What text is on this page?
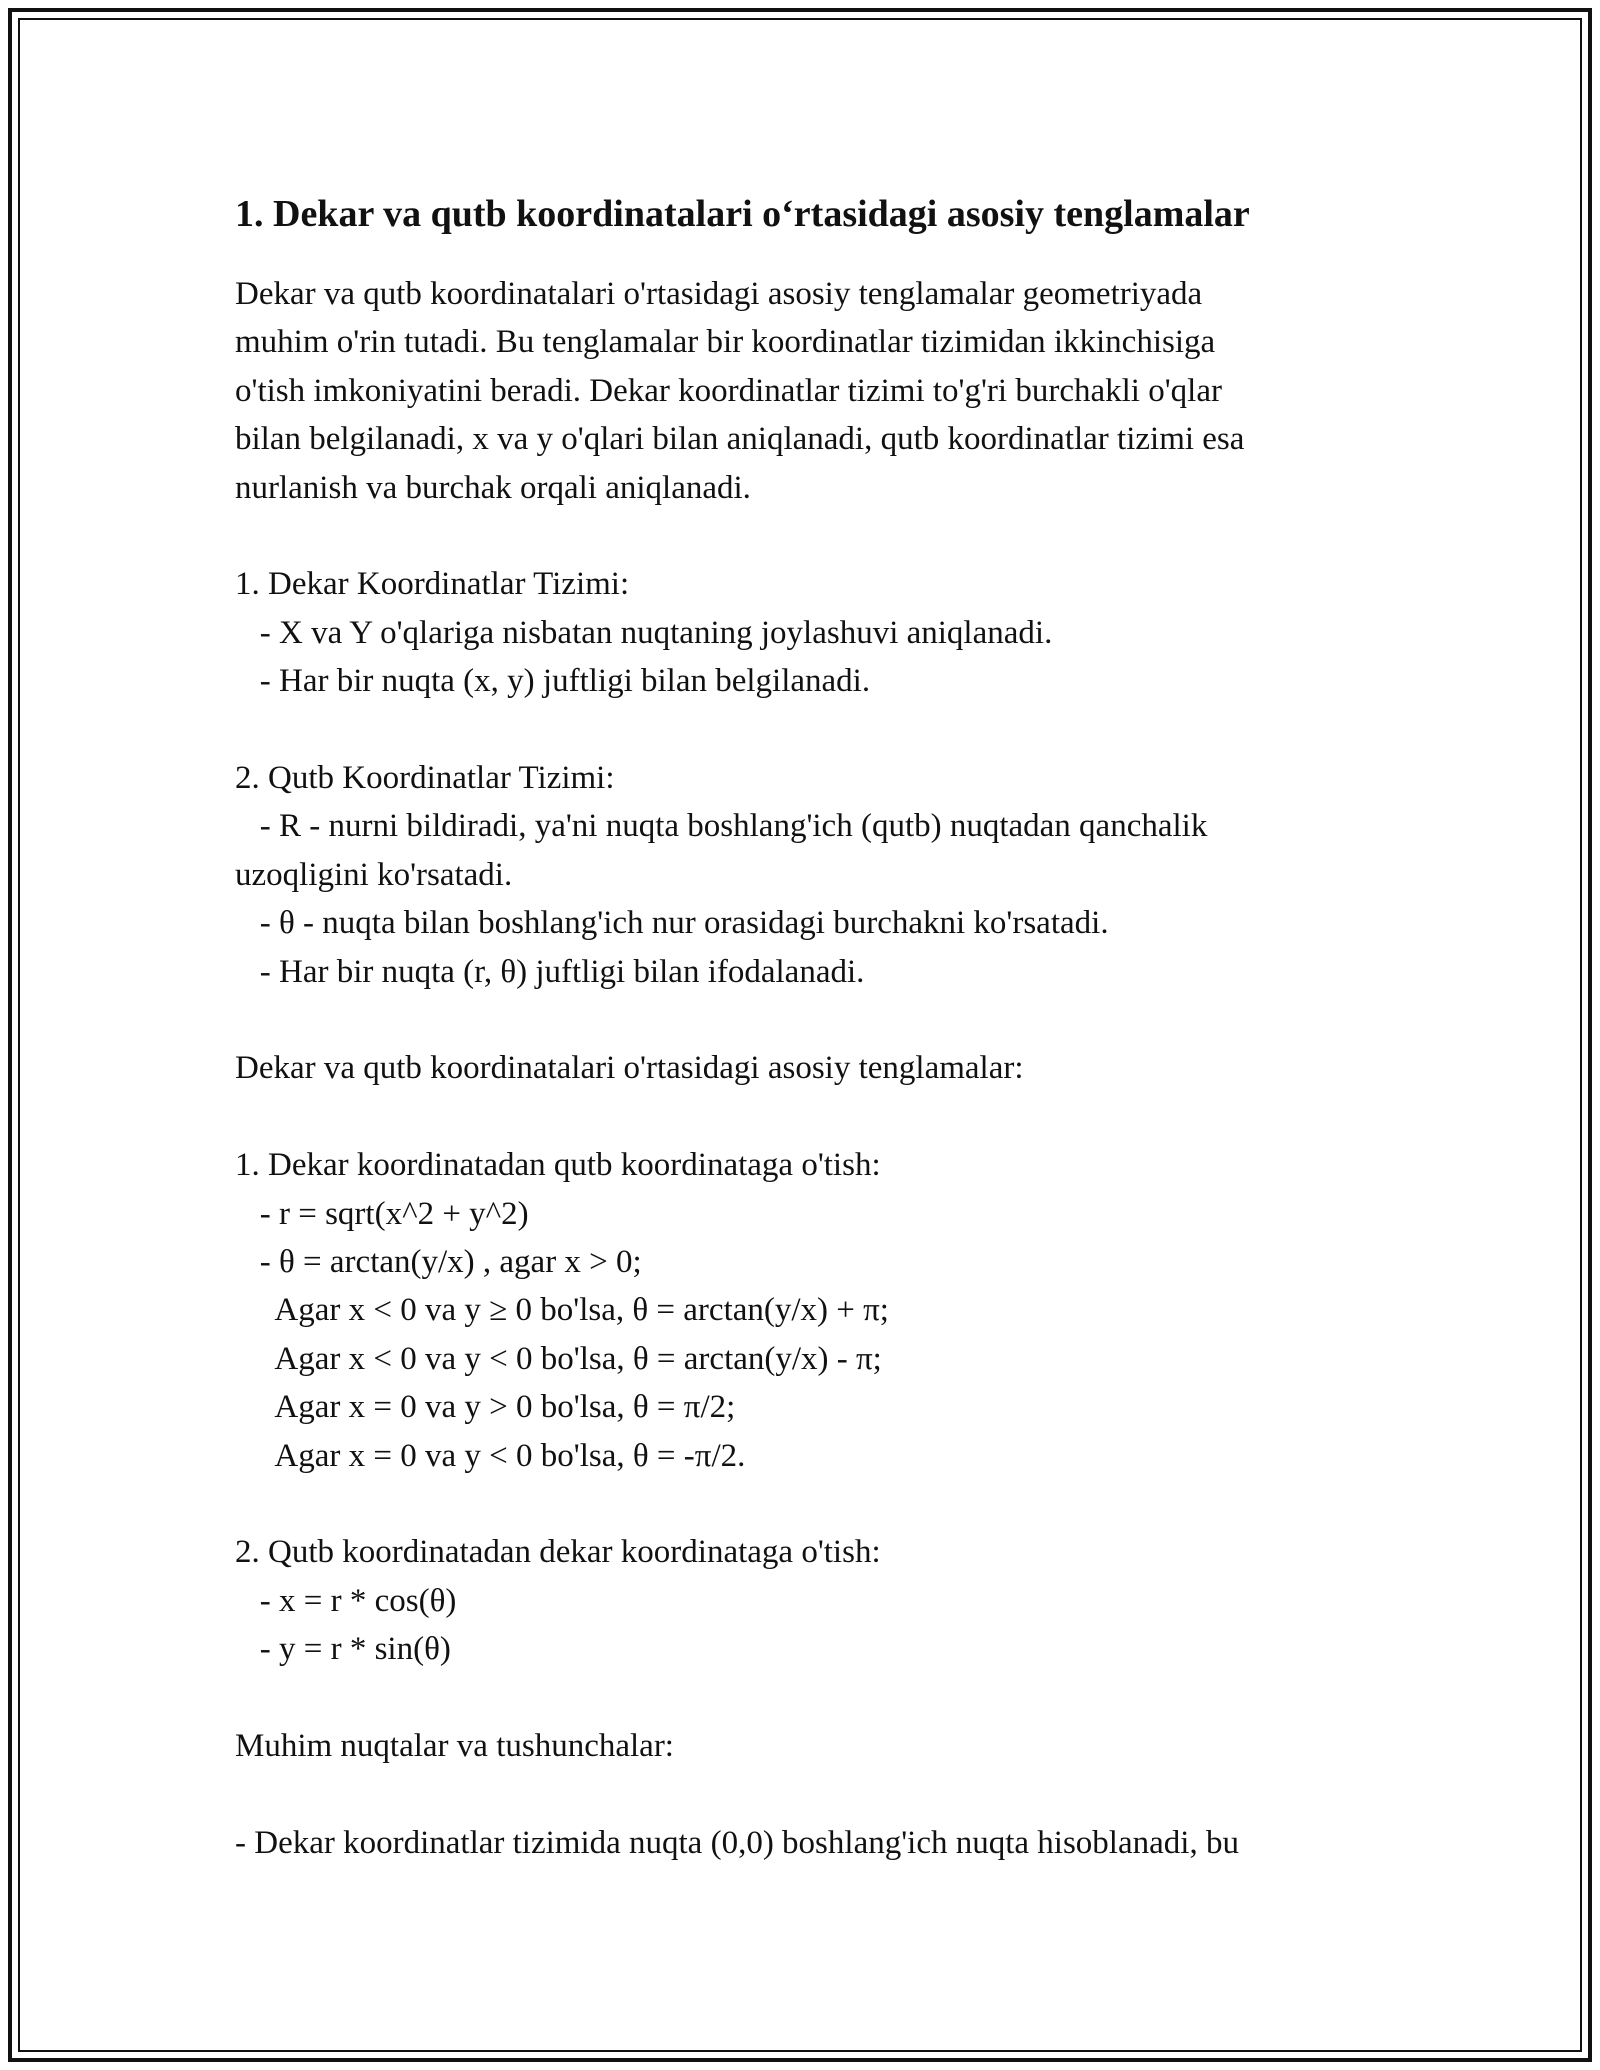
1. Dekar va qutb koordinatalari o‘rtasidagi asosiy tenglamalar
Dekar va qutb koordinatalari o'rtasidagi asosiy tenglamalar geometriyada
muhim o'rin tutadi. Bu tenglamalar bir koordinatlar tizimidan ikkinchisiga
o'tish imkoniyatini beradi. Dekar koordinatlar tizimi to'g'ri burchakli o'qlar
bilan belgilanadi, x va y o'qlari bilan aniqlanadi, qutb koordinatlar tizimi esa
nurlanish va burchak orqali aniqlanadi.
1. Dekar Koordinatlar Tizimi:
- X va Y o'qlariga nisbatan nuqtaning joylashuvi aniqlanadi.
- Har bir nuqta (x, y) juftligi bilan belgilanadi.
2. Qutb Koordinatlar Tizimi:
- R - nurni bildiradi, ya'ni nuqta boshlang'ich (qutb) nuqtadan qanchalik
uzoqligini ko'rsatadi.
- θ - nuqta bilan boshlang'ich nur orasidagi burchakni ko'rsatadi.
- Har bir nuqta (r, θ) juftligi bilan ifodalanadi.
Dekar va qutb koordinatalari o'rtasidagi asosiy tenglamalar:
1. Dekar koordinatadan qutb koordinataga o'tish:
- r = sqrt(x^2 + y^2)
- θ = arctan(y/x) , agar x > 0;
Agar x < 0 va y ≥ 0 bo'lsa, θ = arctan(y/x) + π;
Agar x < 0 va y < 0 bo'lsa, θ = arctan(y/x) - π;
Agar x = 0 va y > 0 bo'lsa, θ = π/2;
Agar x = 0 va y < 0 bo'lsa, θ = -π/2.
2. Qutb koordinatadan dekar koordinataga o'tish:
- x = r * cos(θ)
- y = r * sin(θ)
Muhim nuqtalar va tushunchalar:
- Dekar koordinatlar tizimida nuqta (0,0) boshlang'ich nuqta hisoblanadi, bu
